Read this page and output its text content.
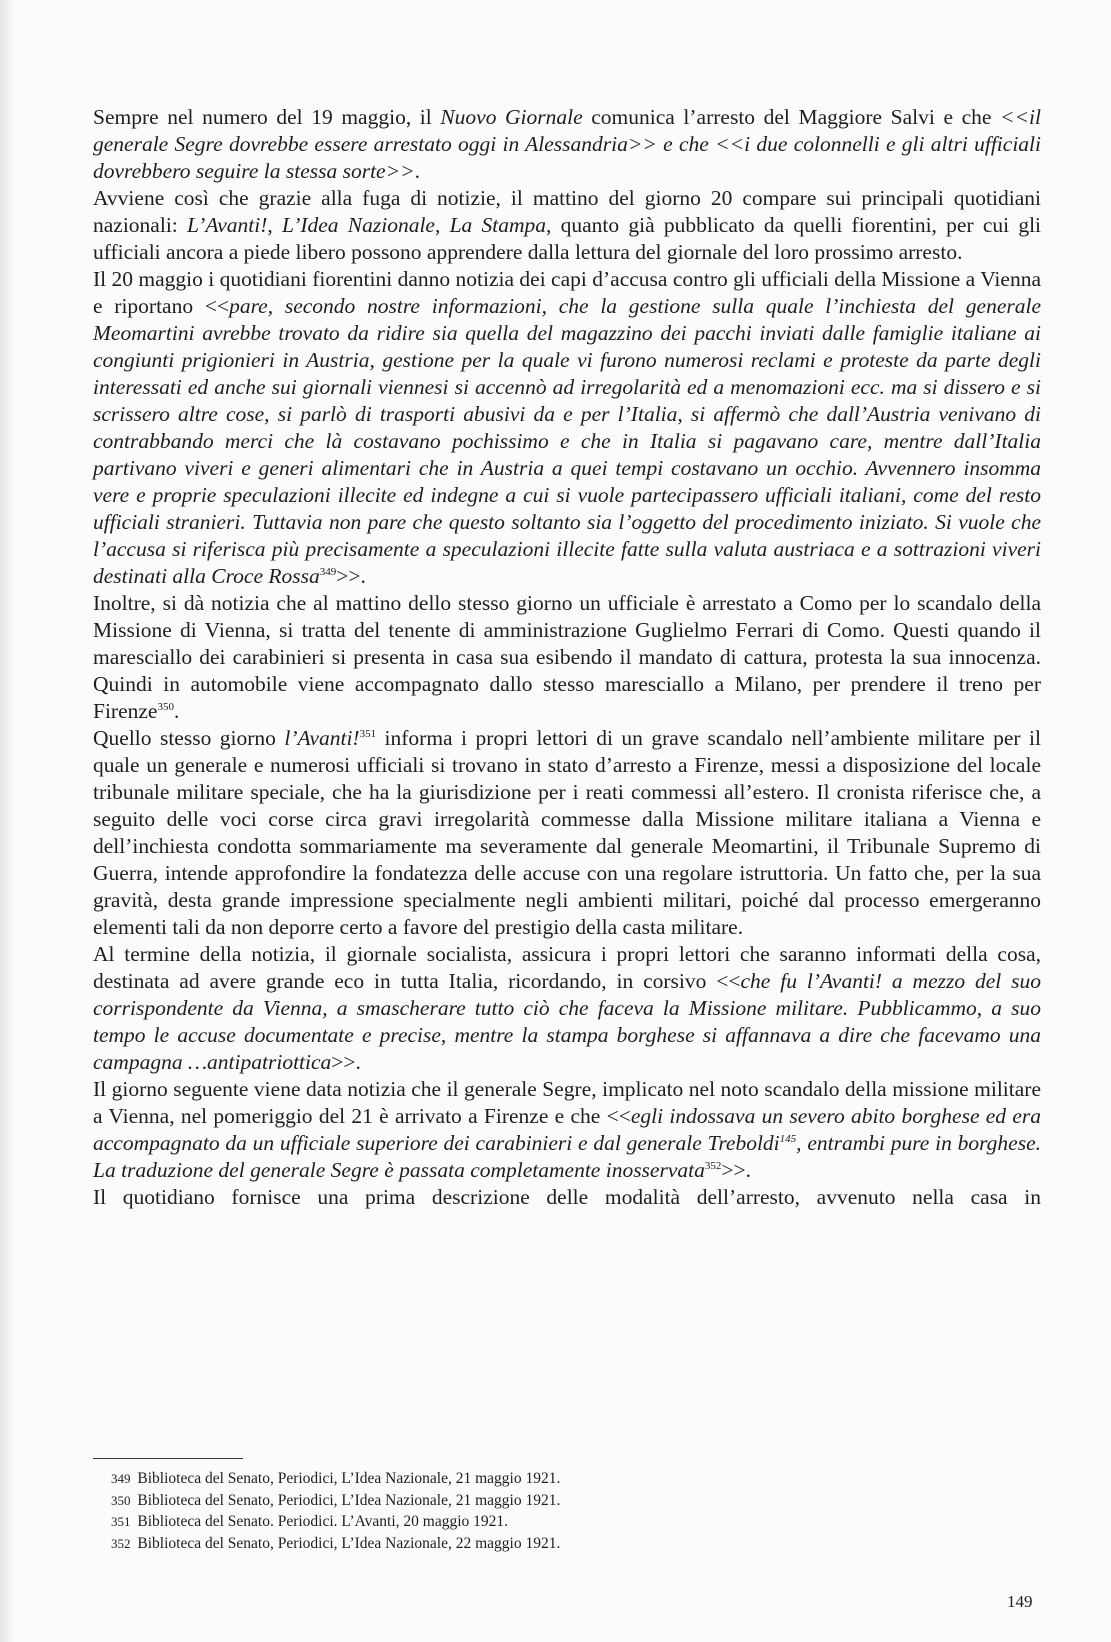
Sempre nel numero del 19 maggio, il Nuovo Giornale comunica l’arresto del Maggiore Salvi e che <<il generale Segre dovrebbe essere arrestato oggi in Alessandria>> e che <<i due colonnelli e gli altri ufficiali dovrebbero seguire la stessa sorte>>.

Avviene così che grazie alla fuga di notizie, il mattino del giorno 20 compare sui principali quotidiani nazionali: L’Avanti!, L’Idea Nazionale, La Stampa, quanto già pubblicato da quelli fiorentini, per cui gli ufficiali ancora a piede libero possono apprendere dalla lettura del giornale del loro prossimo arresto.

Il 20 maggio i quotidiani fiorentini danno notizia dei capi d’accusa contro gli ufficiali della Missione a Vienna e riportano <<pare, secondo nostre informazioni, che la gestione sulla quale l’inchiesta del generale Meomartini avrebbe trovato da ridire sia quella del magazzino dei pacchi inviati dalle famiglie italiane ai congiunti prigionieri in Austria, gestione per la quale vi furono numerosi reclami e proteste da parte degli interessati ed anche sui giornali viennesi si accennò ad irregolarità ed a menomazioni ecc. ma si dissero e si scrissero altre cose, si parlò di trasporti abusivi da e per l’Italia, si affermò che dall’Austria venivano di contrabbando merci che là costavano pochissimo e che in Italia si pagavano care, mentre dall’Italia partivano viveri e generi alimentari che in Austria a quei tempi costavano un occhio. Avvennero insomma vere e proprie speculazioni illecite ed indegne a cui si vuole partecipassero ufficiali italiani, come del resto ufficiali stranieri. Tuttavia non pare che questo soltanto sia l’oggetto del procedimento iniziato. Si vuole che l’accusa si riferisca più precisamente a speculazioni illecite fatte sulla valuta austriaca e a sottrazioni viveri destinati alla Croce Rossa$^{349}$>>.

Inoltre, si dà notizia che al mattino dello stesso giorno un ufficiale è arrestato a Como per lo scandalo della Missione di Vienna, si tratta del tenente di amministrazione Guglielmo Ferrari di Como. Questi quando il maresciallo dei carabinieri si presenta in casa sua esibendo il mandato di cattura, protesta la sua innocenza. Quindi in automobile viene accompagnato dallo stesso maresciallo a Milano, per prendere il treno per Firenze$^{350}$.

Quello stesso giorno l’Avanti!$^{351}$ informa i propri lettori di un grave scandalo nell’ambiente militare per il quale un generale e numerosi ufficiali si trovano in stato d’arresto a Firenze, messi a disposizione del locale tribunale militare speciale, che ha la giurisdizione per i reati commessi all’estero. Il cronista riferisce che, a seguito delle voci corse circa gravi irregolarità commesse dalla Missione militare italiana a Vienna e dell’inchiesta condotta sommariamente ma severamente dal generale Meomartini, il Tribunale Supremo di Guerra, intende approfondire la fondatezza delle accuse con una regolare istruttoria. Un fatto che, per la sua gravità, desta grande impressione specialmente negli ambienti militari, poiché dal processo emergeranno elementi tali da non deporre certo a favore del prestigio della casta militare.

Al termine della notizia, il giornale socialista, assicura i propri lettori che saranno informati della cosa, destinata ad avere grande eco in tutta Italia, ricordando, in corsivo <<che fu l’Avanti! a mezzo del suo corrispondente da Vienna, a smascherare tutto ciò che faceva la Missione militare. Pubblicammo, a suo tempo le accuse documentate e precise, mentre la stampa borghese si affannava a dire che facevamo una campagna …antipatriottica>>.

Il giorno seguente viene data notizia che il generale Segre, implicato nel noto scandalo della missione militare a Vienna, nel pomeriggio del 21 è arrivato a Firenze e che <<egli indossava un severo abito borghese ed era accompagnato da un ufficiale superiore dei carabinieri e dal generale Treboldi$^{145}$, entrambi pure in borghese. La traduzione del generale Segre è passata completamente inosservata$^{352}$>>.

Il quotidiano fornisce una prima descrizione delle modalità dell’arresto, avvenuto nella casa in

349 Biblioteca del Senato, Periodici, L’Idea Nazionale, 21 maggio 1921.
350 Biblioteca del Senato, Periodici, L’Idea Nazionale, 21 maggio 1921.
351 Biblioteca del Senato. Periodici. L’Avanti, 20 maggio 1921.
352 Biblioteca del Senato, Periodici, L’Idea Nazionale, 22 maggio 1921.
149
